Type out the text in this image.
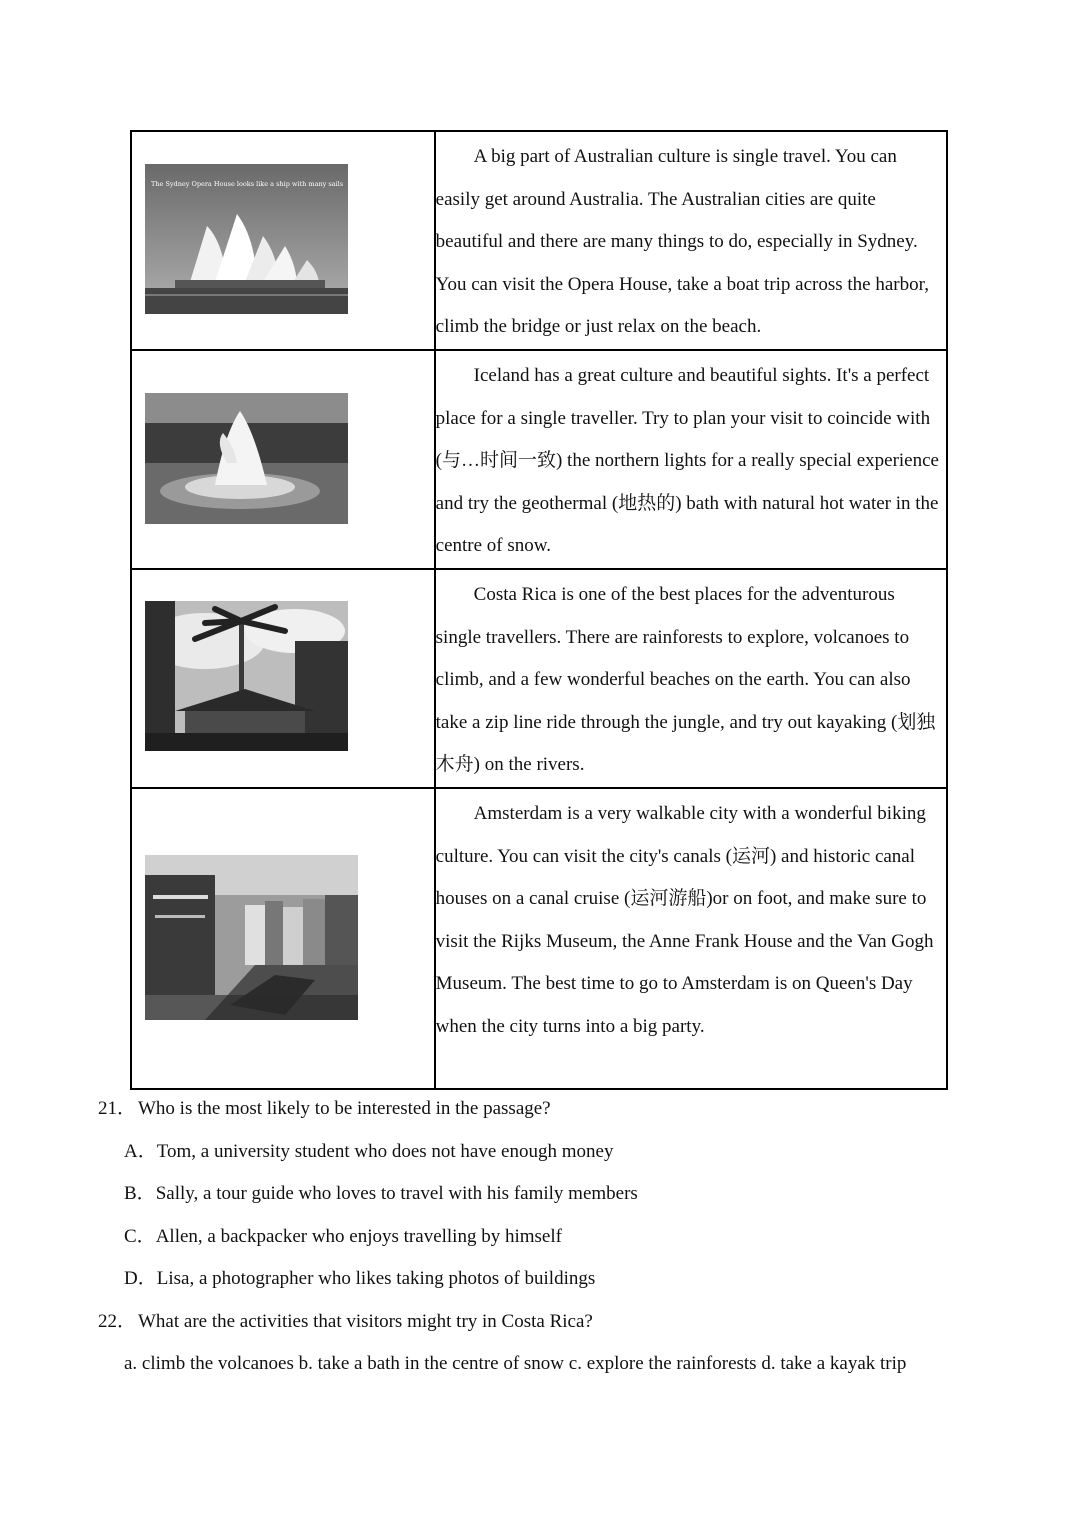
The Sydney Opera House looks like a ship with many sails	A big part of Australian culture is single travel. You can easily get around Australia. The Australian cities are quite beautiful and there are many things to do, especially in Sydney. You can visit the Opera House, take a boat trip across the harbor, climb the bridge or just relax on the beach.

Iceland has a great culture and beautiful sights. It's a perfect place for a single traveller. Try to plan your visit to coincide with (与…时间一致) the northern lights for a really special experience and try the geothermal (地热的) bath with natural hot water in the centre of snow.

Costa Rica is one of the best places for the adventurous single travellers. There are rainforests to explore, volcanoes to climb, and a few wonderful beaches on the earth. You can also take a zip line ride through the jungle, and try out kayaking (划独木舟) on the rivers.

Amsterdam is a very walkable city with a wonderful biking culture. You can visit the city's canals (运河) and historic canal houses on a canal cruise (运河游船)or on foot, and make sure to visit the Rijks Museum, the Anne Frank House and the Van Gogh Museum. The best time to go to Amsterdam is on Queen's Day when the city turns into a big party.

21． Who is the most likely to be interested in the passage?

A．Tom, a university student who does not have enough money

B．Sally, a tour guide who loves to travel with his family members

C．Allen, a backpacker who enjoys travelling by himself

D．Lisa, a photographer who likes taking photos of buildings

22． What are the activities that visitors might try in Costa Rica?

a. climb the volcanoes b. take a bath in the centre of snow c. explore the rainforests d. take a kayak trip
